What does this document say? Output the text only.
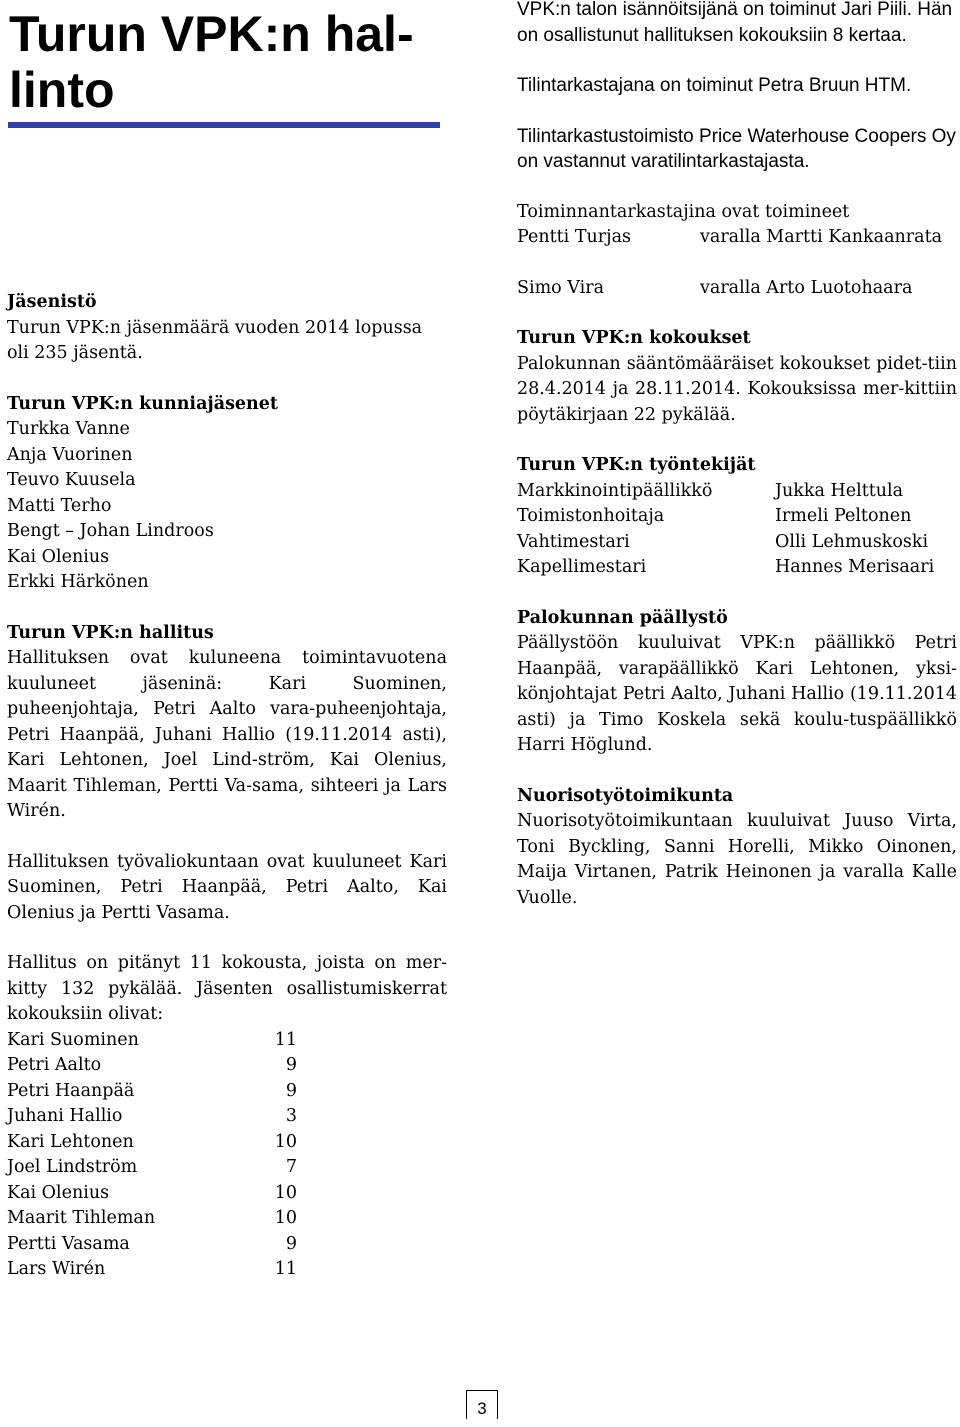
Turun VPK:n hal-
linto

Jäsenistö

Turun VPK:n jäsenmäärä vuoden 2014 lopussa oli 235 jäsentä.

Turun VPK:n kunniajäsenet

Turkka Vanne

Anja Vuorinen

Teuvo Kuusela

Matti Terho

Bengt – Johan Lindroos

Kai Olenius

Erkki Härkönen

Turun VPK:n hallitus

Hallituksen ovat kuluneena toimintavuotena kuuluneet jäseninä: Kari Suominen, puheenjohtaja, Petri Aalto vara-puheenjohtaja, Petri Haanpää, Juhani Hallio (19.11.2014 asti), Kari Lehtonen, Joel Lind-ström, Kai Olenius, Maarit Tihleman, Pertti Va-sama, sihteeri ja Lars Wirén.

Hallituksen työvaliokuntaan ovat kuuluneet Kari Suominen, Petri Haanpää, Petri Aalto, Kai Olenius ja Pertti Vasama.

Hallitus on pitänyt 11 kokousta, joista on mer-kitty 132 pykälää. Jäsenten osallistumiskerrat kokouksiin olivat:

Kari Suominen	11
Petri Aalto	9
Petri Haanpää	9
Juhani Hallio	3
Kari Lehtonen	10
Joel Lindström	7
Kai Olenius	10
Maarit Tihleman	10
Pertti Vasama	9
Lars Wirén	11

VPK:n talon isännöitsijänä on toiminut Jari Piili. Hän on osallistunut hallituksen kokouksiin 8 kertaa.

Tilintarkastajana on toiminut Petra Bruun HTM.

Tilintarkastustoimisto Price Waterhouse Coopers Oy on vastannut varatilintarkastajasta.

Toiminnantarkastajina ovat toimineet

Pentti Turjas	varalla Martti Kankaanrata
Simo Vira	varalla Arto Luotohaara

Turun VPK:n kokoukset

Palokunnan sääntömääräiset kokoukset pidet-tiin 28.4.2014 ja 28.11.2014. Kokouksissa mer-kittiin pöytäkirjaan 22 pykälää.

Turun VPK:n työntekijät

Markkinointipäällikkö	Jukka Helttula
Toimistonhoitaja	Irmeli Peltonen
Vahtimestari	Olli Lehmuskoski
Kapellimestari	Hannes Merisaari

Palokunnan päällystö

Päällystöön kuuluivat VPK:n päällikkö Petri Haanpää, varapäällikkö Kari Lehtonen, yksi-könjohtajat Petri Aalto, Juhani Hallio (19.11.2014 asti) ja Timo Koskela sekä koulu-tuspäällikkö Harri Höglund.

Nuorisotyötoimikunta

Nuorisotyötoimikuntaan kuuluivat Juuso Virta, Toni Byckling, Sanni Horelli, Mikko Oinonen, Maija Virtanen, Patrik Heinonen ja varalla Kalle Vuolle.

3
